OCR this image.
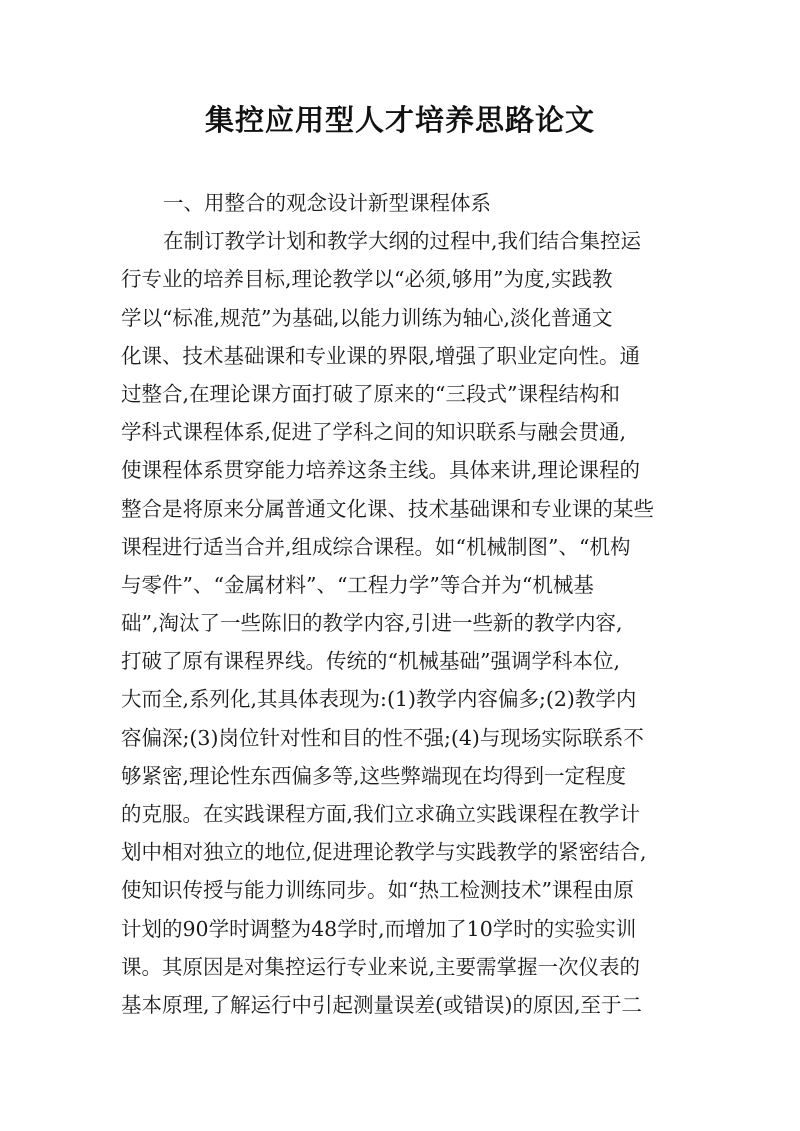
集控应用型人才培养思路论文
一、用整合的观念设计新型课程体系
在制订教学计划和教学大纲的过程中,我们结合集控运
行专业的培养目标,理论教学以“必须,够用”为度,实践教
学以“标准,规范”为基础,以能力训练为轴心,淡化普通文
化课、技术基础课和专业课的界限,增强了职业定向性。通
过整合,在理论课方面打破了原来的“三段式”课程结构和
学科式课程体系,促进了学科之间的知识联系与融会贯通,
使课程体系贯穿能力培养这条主线。具体来讲,理论课程的
整合是将原来分属普通文化课、技术基础课和专业课的某些
课程进行适当合并,组成综合课程。如“机械制图”、“机构
与零件”、“金属材料”、“工程力学”等合并为“机械基
础”,淘汰了一些陈旧的教学内容,引进一些新的教学内容,
打破了原有课程界线。传统的“机械基础”强调学科本位,
大而全,系列化,其具体表现为:(1)教学内容偏多;(2)教学内
容偏深;(3)岗位针对性和目的性不强;(4)与现场实际联系不
够紧密,理论性东西偏多等,这些弊端现在均得到一定程度
的克服。在实践课程方面,我们立求确立实践课程在教学计
划中相对独立的地位,促进理论教学与实践教学的紧密结合,
使知识传授与能力训练同步。如“热工检测技术”课程由原
计划的90学时调整为48学时,而增加了10学时的实验实训
课。其原因是对集控运行专业来说,主要需掌握一次仪表的
基本原理,了解运行中引起测量误差(或错误)的原因,至于二
